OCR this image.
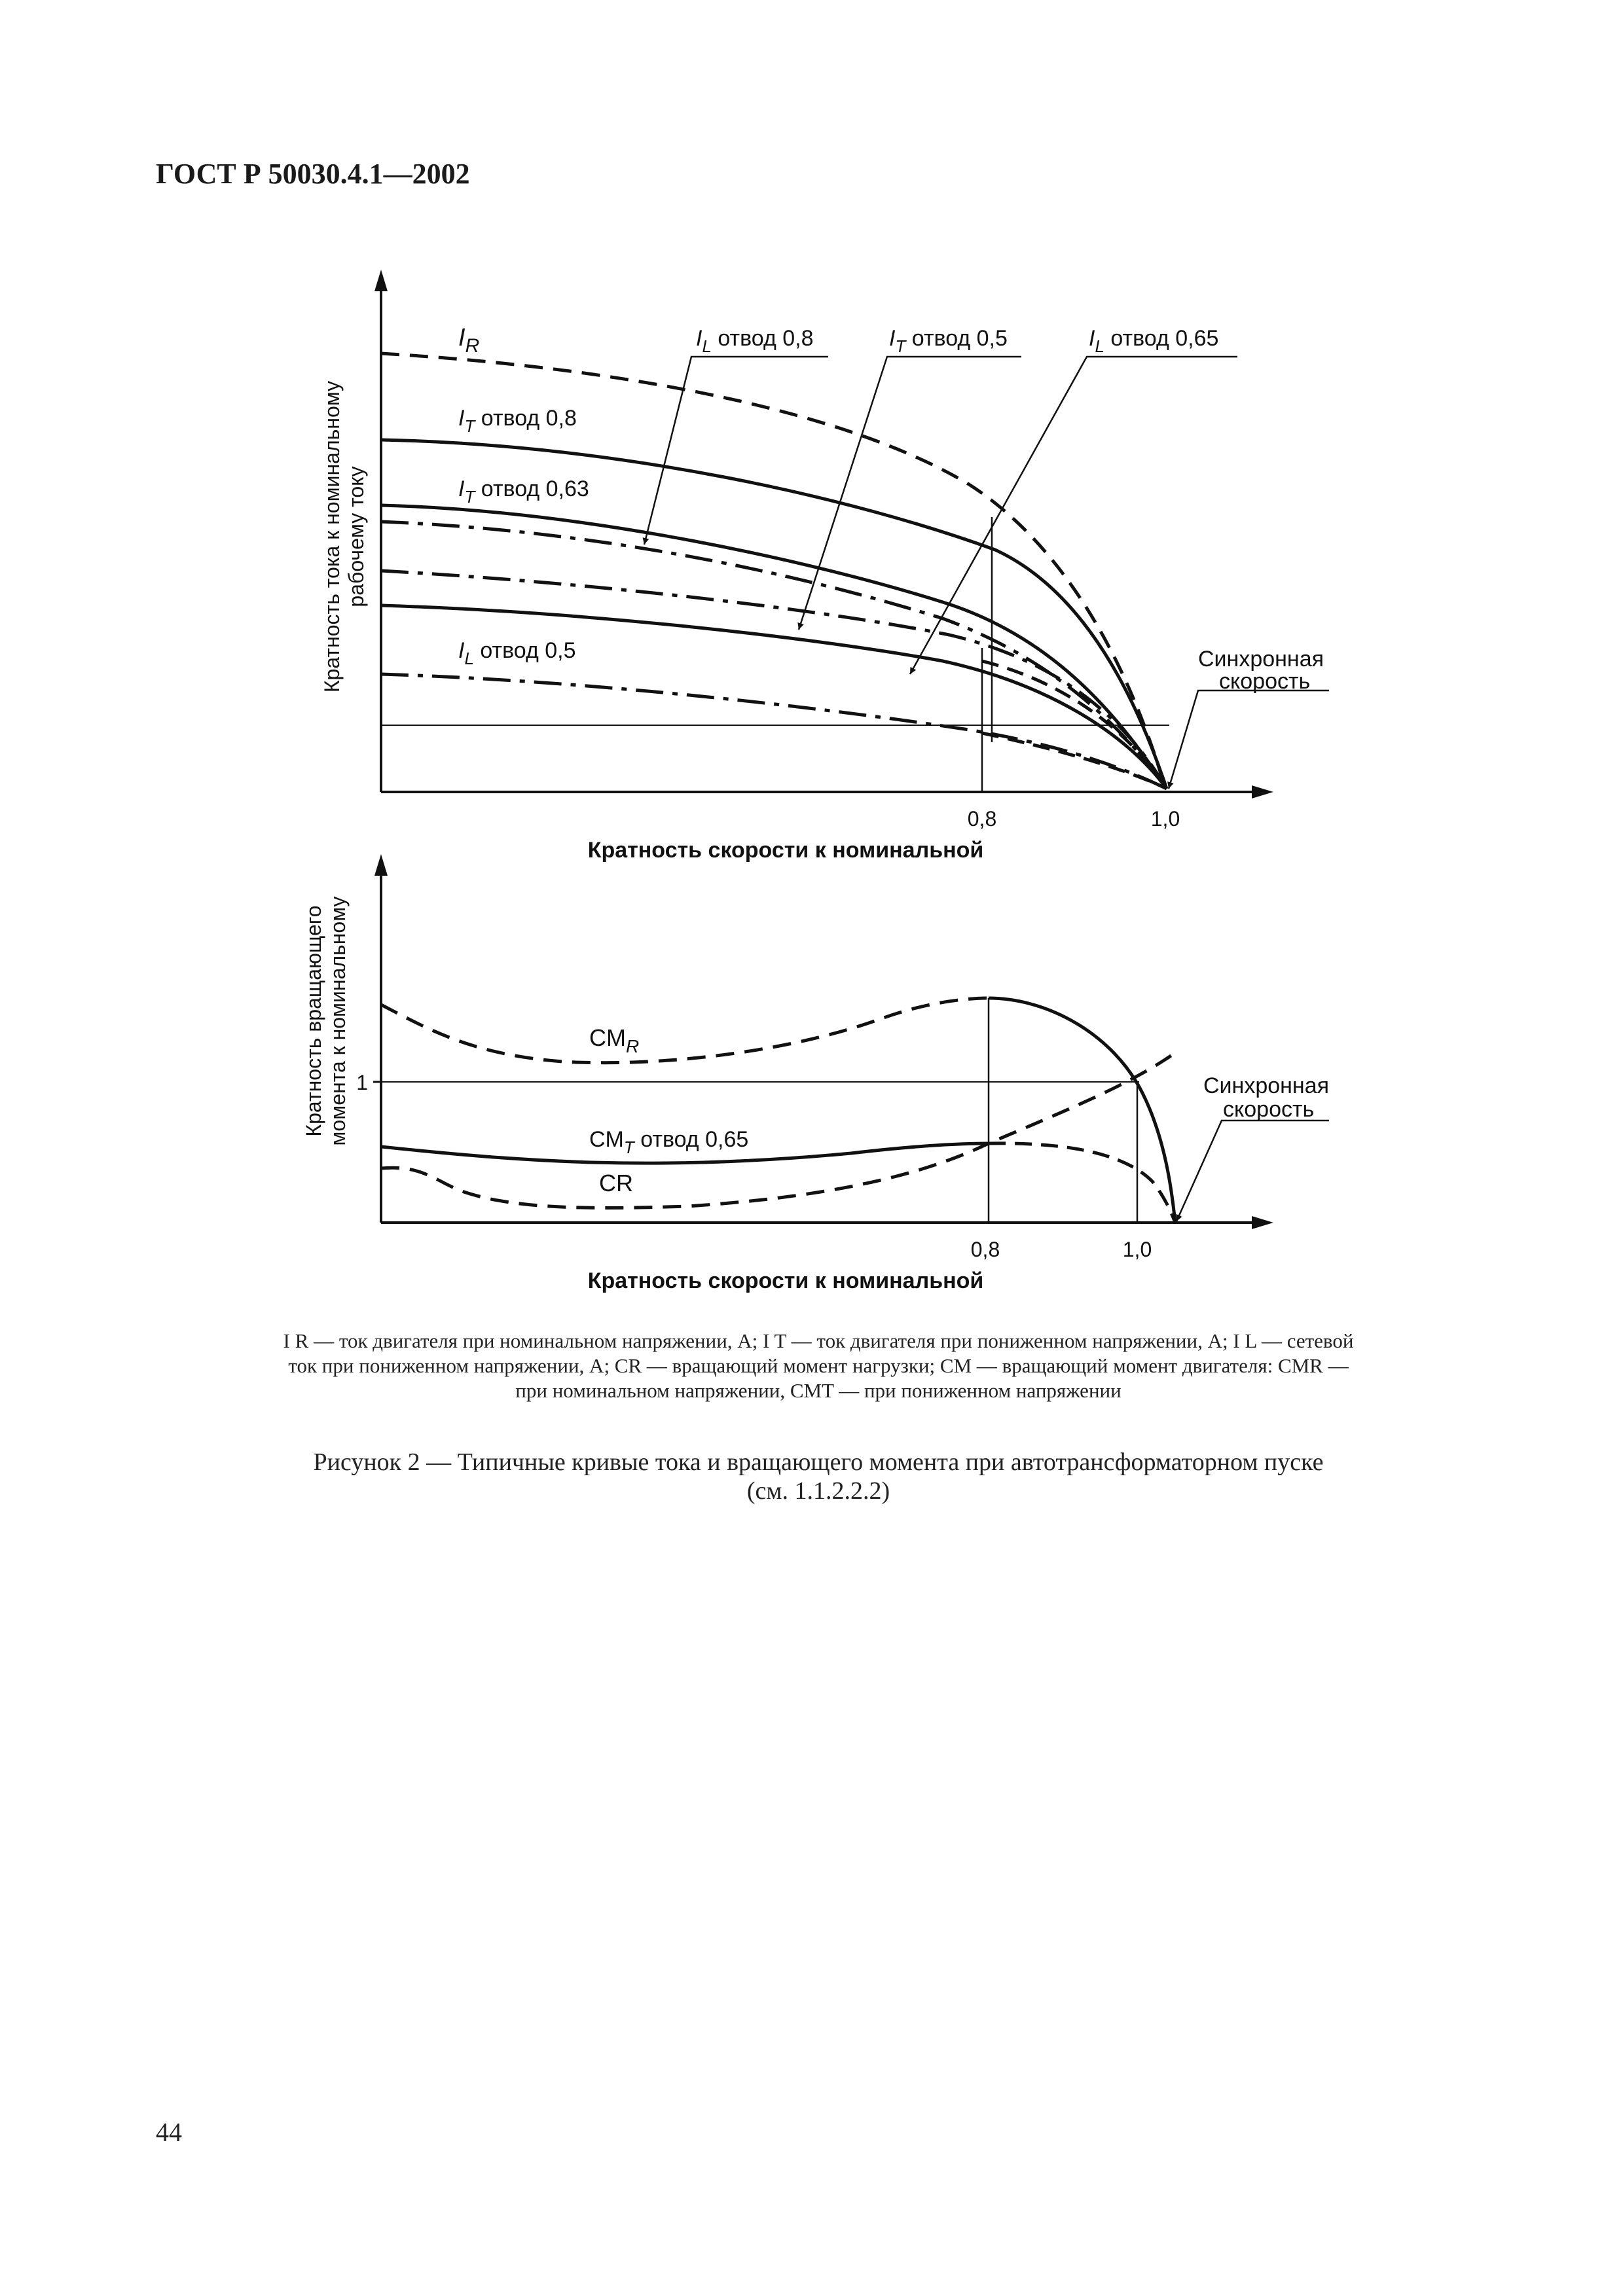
ГОСТ Р 50030.4.1—2002
$I_R$	$I_L$ отвод 0,8	$I_T$ отвод 0,5	$I_L$ отвод 0,65
$I_T$ отвод 0,8
$I_T$ отвод 0,63
$I_L$ отвод 0,5	Синхронная
скорость
0,8	1,0
Кратность скорости к номинальной
Кратность тока к номинальному рабочему току
1
$CM_R$
$CM_T$ отвод 0,65
CR
Синхронная
скорость
0,8	1,0
Кратность скорости к номинальной
Кратность вращающего момента к номинальному
I R — ток двигателя при номинальном напряжении, А; I T — ток двигателя при пониженном напряжении, А; I L — сетевой
ток при пониженном напряжении, А; CR — вращающий момент нагрузки; CM — вращающий момент двигателя: CMR —
при номинальном напряжении, CMT — при пониженном напряжении
Рисунок 2 — Типичные кривые тока и вращающего момента при автотрансформаторном пуске
(см. 1.1.2.2.2)
44
